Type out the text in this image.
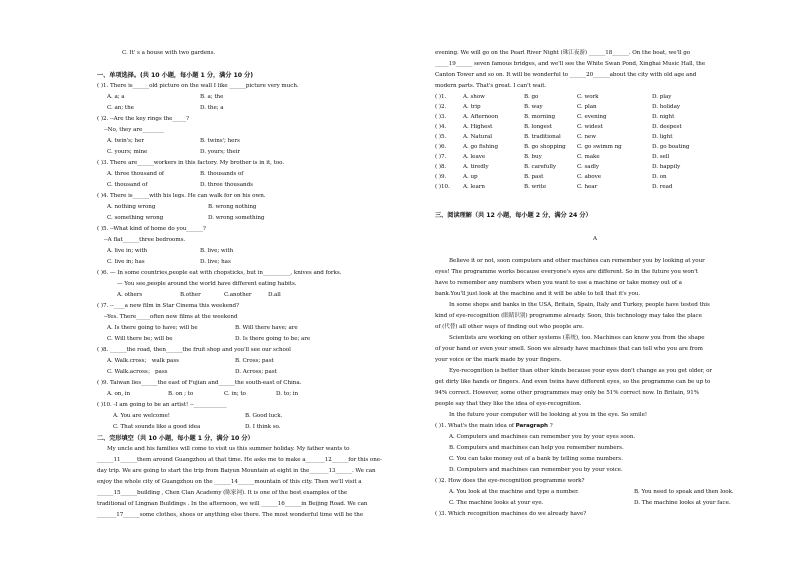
C. It' s a house with two gardens.
一、单项选择。(共 10 小题，每小题 1 分，满分 10 分)
( )1. There is______old picture on the wall I like ______picture very much.
A. a; a	B. a; the
C. an; the	D. the; a
( )2. --Are the key rings the_____?
--No, they are________
A. twin's; her	B. twins'; hers
C. yours; mine	D. yours; their
( )3. There are______workers in this factory. My brother is in it, too.
A. three thousand of	B. thousands of
C. thousand of	D. three thousands
( )4. There is______with his legs. He can walk for on his own.
A. nothing wrong	B. wrong nothing
C. something wrong	D. wrong something
( )5. --What kind of home do you______?
--A flat______three bedrooms.
A. live in; with	B. live; with
C. live in; has	D. live; has
( )6. — In some countries,people eat with chopsticks, but in__________, knives and forks.
— You see,people around the world have different eating habits.
A. others	B.other	C.another	D.all
( )7. --____a new film in Star Cinema this weekend?
--Yes. There_____often new films at the weekend
A. Is there going to have; will be	B. Will there have; are
C. Will there be; will be	D. Is there going to be; are
( )8. ______the road, then______the fruit shop and you'll see our school
A. Walk.cross； walk pass	B. Cross; past
C. Walk.across； pass	D. Across; past
( )9. Taiwan lies______the east of Fujian and______the south-east of China.
A. on, in	B. on ; to	C. in; to	D. to; in
( )10. -I am going to be an artist! --____________
A. You are welcome!	B. Good luck.
C. That sounds like a good idea	D. I think so.
二、完形填空（共 10 小题，每小题 1 分，满分 10 分）
My uncle and his families will come to visit us this summer holiday. My father wants to
______11______them around Guangzhou at that time. He asks me to make a_______12______for this one-
day trip. We are going to start the trip from Baiyun Mountain at eight in the_______13______. We can
enjoy the whole city of Guangzhou on the ______14______mountain of this city. Then we'll visit a
______15______building , Chen Clan Academy (陈家祠). It is one of the best examples of the
traditional of Lingnan Buildings . In the afternoon, we will ______16______in Beijing Road. We can
_______17______some clothes, shoes or anything else there. The most wonderful time will be the
evening. We will go on the Pearl River Night (珠江夜游) ______18______. On the boat, we'll go
_____19______ seven famous bridges, and we'll see the White Swan Pond, Xinghai Music Hall, the
Canton Tower and so on. It will be wonderful to ______20______about the city with old age and
modern parts. That's great. I can't wait.
( )1.	A. show	B. go	C. work	D. play
( )2.	A. trip	B. way	C. plan	D. holiday
( )3.	A. Afternoon	B. morning	C. evening	D. night
( )4.	A. Highest	B. longest	C. widest	D. deepest
( )5.	A. Natural	B. traditional	C. new	D. light
( )6.	A. go fishing	B. go shopping C. go swimm ng	D. go boating
( )7.	A. leave	B. buy	C. make	D. sell
( )8.	A. tiredly	B. carefully	C. sadly	D. happily
( )9.	A. up	B. past	C. above	D. on
( )10. A. learn	B. write	C. hear	D. read
三、阅读理解（共 12 小题，每小题 2 分，满分 24 分）
A
Believe it or not, soon computers and other machines can remember you by looking at your
eyes! The programme works because everyone's eyes are different. So in the future you won't
have to remember any numbers when you want to use a machine or take money out of a
bank.You'll just look at the machine and it will be able to tell that it's you.
In some shops and banks in the USA, Britain, Spain, Italy and Turkey, people have tested this
kind of eye-recognition (眼睛识别) programme already. Soon, this technology may take the place
of (代替) all other ways of finding out who people are.
Scientists are working on other systems (系统), too. Machines can know you from the shape
of your hand or even your smell. Soon we already have machines that can tell who you are from
your voice or the mark made by your fingers.
Eye-recognition is better than other kinds because your eyes don't change as you get older, or
get dirty like hands or fingers. And even twins have different eyes, so the programme can be up to
94% correct. However, some other programmes may only be 51% correct now. In Britain, 91%
people say that they like the idea of eye-recognition.
In the future your computer will be looking at you in the eye. So smile!
( )1. What's the main idea of Paragraph ?
A. Computers and machines can remember you by your eyes soon.
B. Computers and machines can help you remember numbers.
C. You can take money out of a bank by telling some numbers.
D. Computers and machines can remember you by your voice.
( )2. How does the eye-recognition programme work?
A. You look at the machine and type a number.	B. You need to speak and then look.
C. The machine looks at your eye.	D. The machine looks at your face.
( )3. Which recognition machines do we already have?
